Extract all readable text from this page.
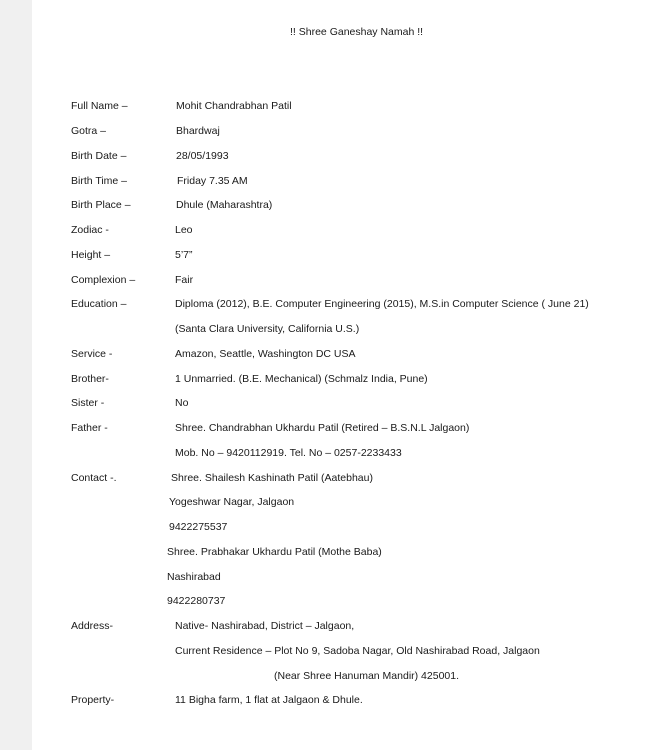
!! Shree Ganeshay Namah !!
Full Name –	Mohit Chandrabhan Patil
Gotra –	Bhardwaj
Birth Date –	28/05/1993
Birth Time –	Friday 7.35 AM
Birth Place –	Dhule (Maharashtra)
Zodiac -	Leo
Height –	5’7”
Complexion –	Fair
Education –	Diploma (2012), B.E. Computer Engineering (2015), M.S.in Computer Science ( June 21)
(Santa Clara University, California U.S.)
Service -	Amazon, Seattle, Washington DC USA
Brother-	1 Unmarried. (B.E. Mechanical) (Schmalz India, Pune)
Sister -	No
Father -	Shree. Chandrabhan Ukhardu Patil (Retired – B.S.N.L Jalgaon)
Mob. No – 9420112919. Tel. No – 0257-2233433
Contact -.	Shree. Shailesh Kashinath Patil (Aatebhau)
Yogeshwar Nagar, Jalgaon
9422275537
Shree. Prabhakar Ukhardu Patil (Mothe Baba)
Nashirabad
9422280737
Address-	Native- Nashirabad, District – Jalgaon,
Current Residence – Plot No 9, Sadoba Nagar, Old Nashirabad Road, Jalgaon
(Near Shree Hanuman Mandir) 425001.
Property-	11 Bigha farm, 1 flat at Jalgaon & Dhule.
